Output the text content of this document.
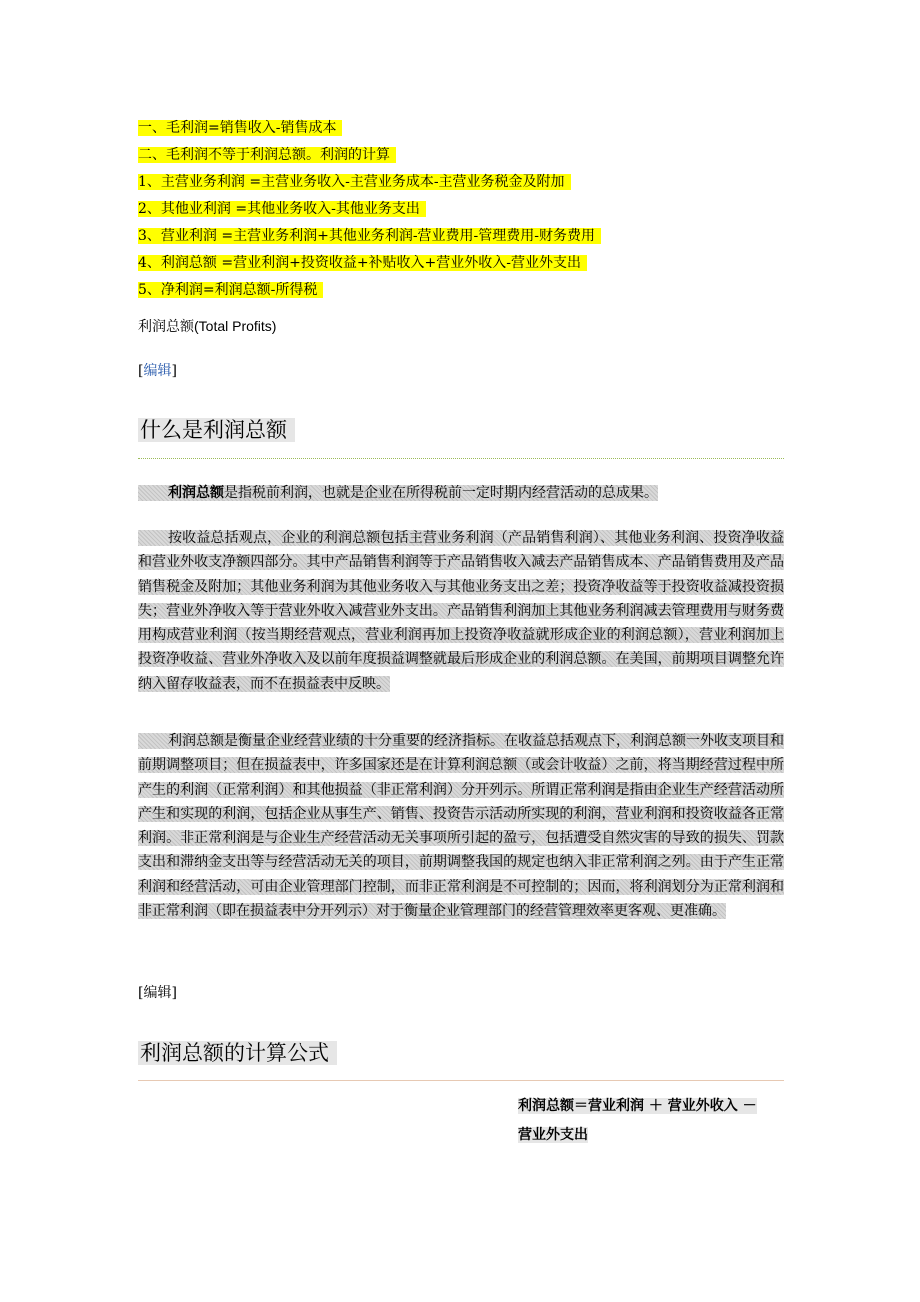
一、毛利润=销售收入-销售成本
二、毛利润不等于利润总额。利润的计算
1、主营业务利润 =主营业务收入-主营业务成本-主营业务税金及附加
2、其他业利润 =其他业务收入-其他业务支出
3、营业利润 =主营业务利润+其他业务利润-营业费用-管理费用-财务费用
4、利润总额 =营业利润+投资收益+补贴收入+营业外收入-营业外支出
5、净利润=利润总额-所得税
利润总额(Total Profits)
[编辑]
什么是利润总额
利润总额是指税前利润，也就是企业在所得税前一定时期内经营活动的总成果。
按收益总括观点，企业的利润总额包括主营业务利润（产品销售利润）、其他业务利润、投资净收益和营业外收支净额四部分。其中产品销售利润等于产品销售收入减去产品销售成本、产品销售费用及产品销售税金及附加；其他业务利润为其他业务收入与其他业务支出之差；投资净收益等于投资收益减投资损失；营业外净收入等于营业外收入减营业外支出。产品销售利润加上其他业务利润减去管理费用与财务费用构成营业利润（按当期经营观点，营业利润再加上投资净收益就形成企业的利润总额），营业利润加上投资净收益、营业外净收入及以前年度损益调整就最后形成企业的利润总额。在美国，前期项目调整允许纳入留存收益表，而不在损益表中反映。
利润总额是衡量企业经营业绩的十分重要的经济指标。在收益总括观点下，利润总额一外收支项目和前期调整项目；但在损益表中，许多国家还是在计算利润总额（或会计收益）之前，将当期经营过程中所产生的利润（正常利润）和其他损益（非正常利润）分开列示。所谓正常利润是指由企业生产经营活动所产生和实现的利润，包括企业从事生产、销售、投资告示活动所实现的利润，营业利润和投资收益各正常利润。非正常利润是与企业生产经营活动无关事项所引起的盈亏，包括遭受自然灾害的导致的损失、罚款支出和滞纳金支出等与经营活动无关的项目，前期调整我国的规定也纳入非正常利润之列。由于产生正常利润和经营活动，可由企业管理部门控制，而非正常利润是不可控制的；因而，将利润划分为正常利润和非正常利润（即在损益表中分开列示）对于衡量企业管理部门的经营管理效率更客观、更准确。
[编辑]
利润总额的计算公式
利润总额＝营业利润 ＋ 营业外收入 －
营业外支出
